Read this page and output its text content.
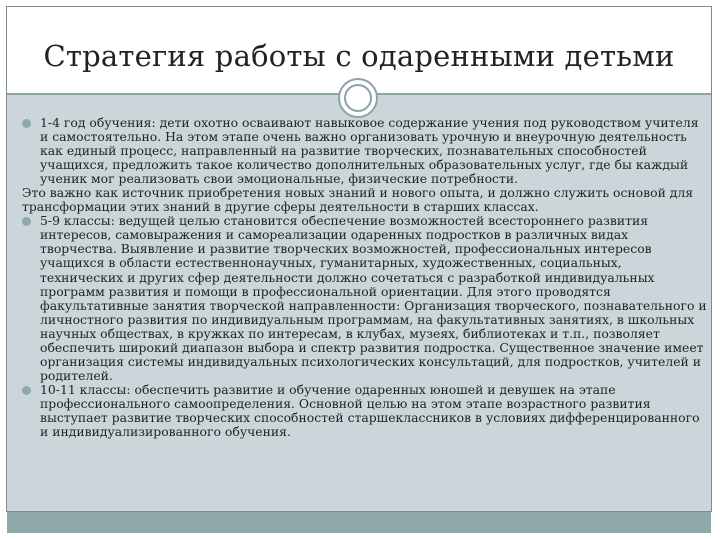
Стратегия работы с одаренными детьми
1-4 год обучения: дети охотно осваивают навыковое содержание учения под руководством учителя и самостоятельно. На этом этапе очень важно организовать урочную и внеурочную деятельность как единый процесс, направленный на развитие творческих, познавательных способностей учащихся, предложить такое количество дополнительных образовательных услуг, где бы каждый ученик мог реализовать свои эмоциональные, физические потребности.
Это важно как источник приобретения новых знаний и нового опыта, и должно служить основой для трансформации этих знаний в другие сферы деятельности в старших классах.
5-9 классы: ведущей целью становится обеспечение возможностей всестороннего развития интересов, самовыражения и самореализации одаренных подростков в различных видах творчества. Выявление и развитие творческих возможностей, профессиональных интересов учащихся в области естественнонаучных, гуманитарных, художественных, социальных, технических и других сфер деятельности должно сочетаться с разработкой индивидуальных программ развития и помощи в профессиональной ориентации. Для этого проводятся факультативные занятия творческой направленности: Организация творческого, познавательного и личностного развития по индивидуальным программам, на факультативных занятиях, в школьных научных обществах, в кружках по интересам, в клубах, музеях, библиотеках и т.п., позволяет обеспечить широкий диапазон выбора и спектр развития подростка. Существенное значение имеет организация системы индивидуальных психологических консультаций, для подростков, учителей и родителей.
10-11 классы: обеспечить развитие и обучение одаренных юношей и девушек на этапе профессионального самоопределения. Основной целью на этом этапе возрастного развития выступает развитие творческих способностей старшеклассников в условиях дифференцированного и индивидуализированного обучения.
